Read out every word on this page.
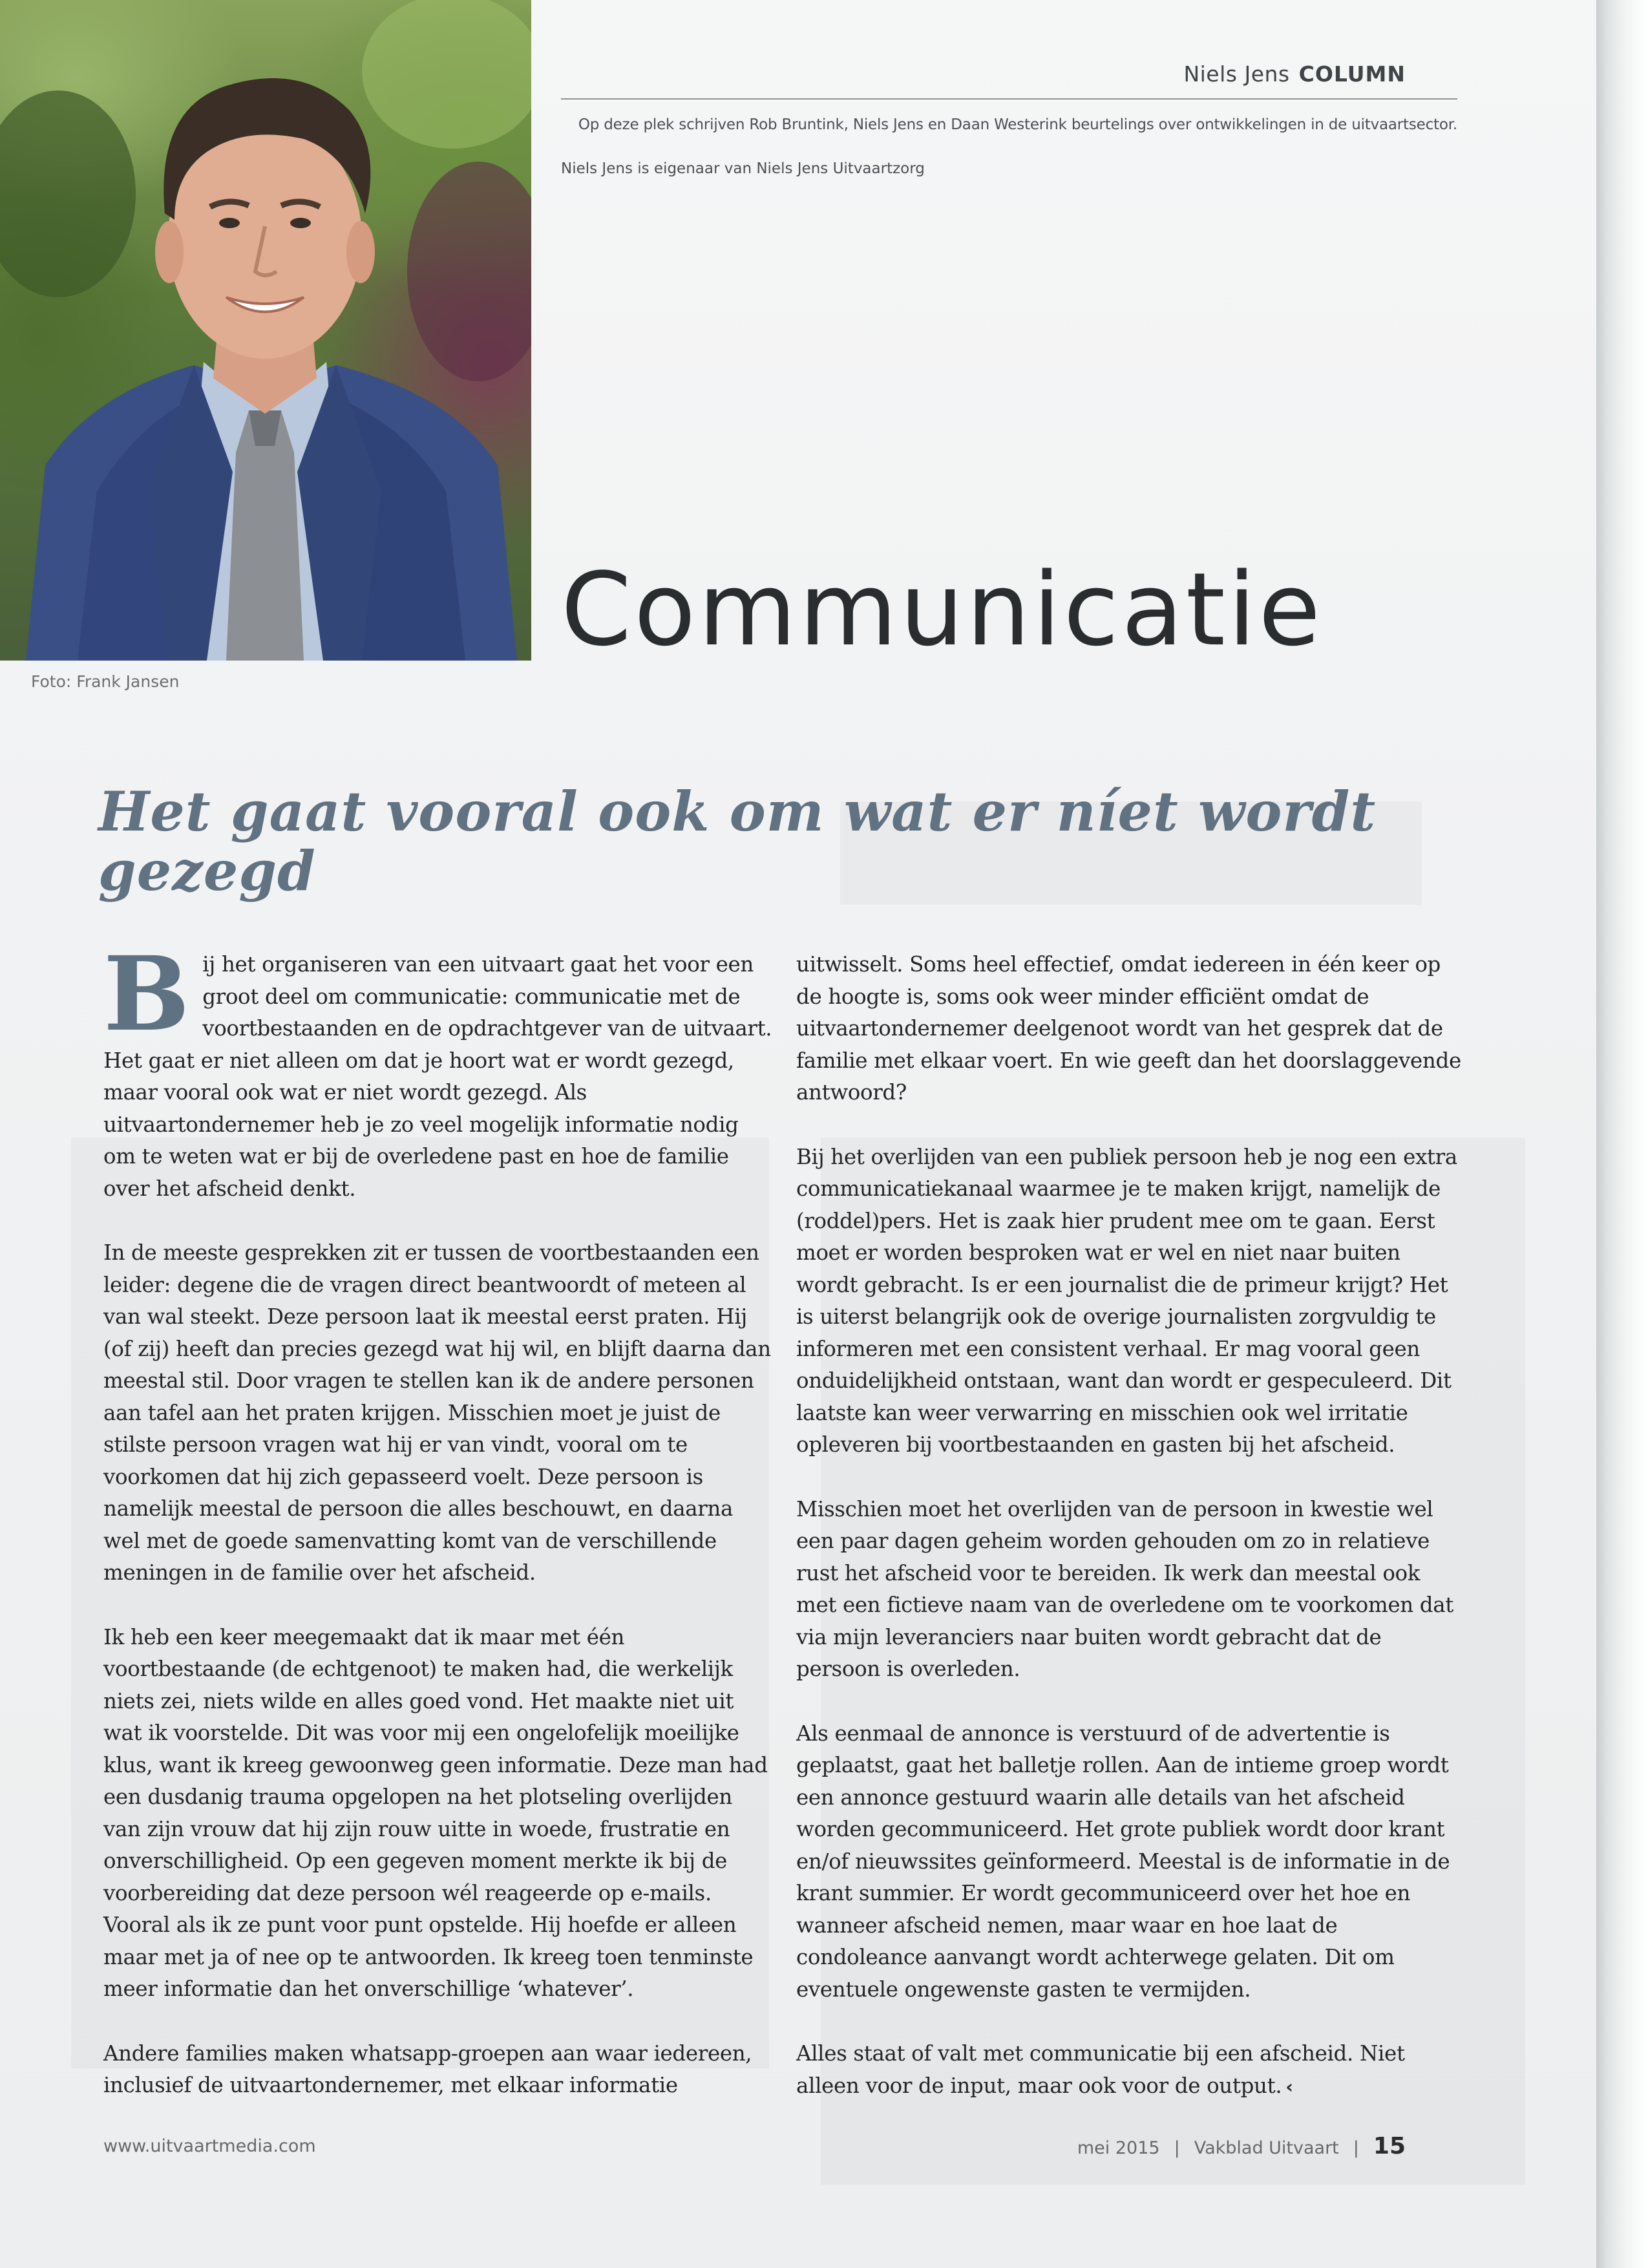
Foto: Frank Jansen
Niels Jens COLUMN
Op deze plek schrijven Rob Bruntink, Niels Jens en Daan Westerink beurtelings over ontwikkelingen in de uitvaartsector.
Niels Jens is eigenaar van Niels Jens Uitvaartzorg
Communicatie
Het gaat vooral ook om wat er níet wordt gezegd

Bij het organiseren van een uitvaart gaat het voor een groot deel om communicatie: communicatie met de voortbestaanden en de opdrachtgever van de uitvaart. Het gaat er niet alleen om dat je hoort wat er wordt gezegd, maar vooral ook wat er niet wordt gezegd. Als uitvaartondernemer heb je zo veel mogelijk informatie nodig om te weten wat er bij de overledene past en hoe de familie over het afscheid denkt.

In de meeste gesprekken zit er tussen de voortbestaanden een leider: degene die de vragen direct beantwoordt of meteen al van wal steekt. Deze persoon laat ik meestal eerst praten. Hij (of zij) heeft dan precies gezegd wat hij wil, en blijft daarna dan meestal stil. Door vragen te stellen kan ik de andere personen aan tafel aan het praten krijgen. Misschien moet je juist de stilste persoon vragen wat hij er van vindt, vooral om te voorkomen dat hij zich gepasseerd voelt. Deze persoon is namelijk meestal de persoon die alles beschouwt, en daarna wel met de goede samenvatting komt van de verschillende meningen in de familie over het afscheid.

Ik heb een keer meegemaakt dat ik maar met één voortbestaande (de echtgenoot) te maken had, die werkelijk niets zei, niets wilde en alles goed vond. Het maakte niet uit wat ik voorstelde. Dit was voor mij een ongelofelijk moeilijke klus, want ik kreeg gewoonweg geen informatie. Deze man had een dusdanig trauma opgelopen na het plotseling overlijden van zijn vrouw dat hij zijn rouw uitte in woede, frustratie en onverschilligheid. Op een gegeven moment merkte ik bij de voorbereiding dat deze persoon wél reageerde op e-mails. Vooral als ik ze punt voor punt opstelde. Hij hoefde er alleen maar met ja of nee op te antwoorden. Ik kreeg toen tenminste meer informatie dan het onverschillige ‘whatever’.

Andere families maken whatsapp-groepen aan waar iedereen, inclusief de uitvaartondernemer, met elkaar informatie

uitwisselt. Soms heel effectief, omdat iedereen in één keer op de hoogte is, soms ook weer minder efficiënt omdat de uitvaartondernemer deelgenoot wordt van het gesprek dat de familie met elkaar voert. En wie geeft dan het doorslaggevende antwoord?

Bij het overlijden van een publiek persoon heb je nog een extra communicatiekanaal waarmee je te maken krijgt, namelijk de (roddel)pers. Het is zaak hier prudent mee om te gaan. Eerst moet er worden besproken wat er wel en niet naar buiten wordt gebracht. Is er een journalist die de primeur krijgt? Het is uiterst belangrijk ook de overige journalisten zorgvuldig te informeren met een consistent verhaal. Er mag vooral geen onduidelijkheid ontstaan, want dan wordt er gespeculeerd. Dit laatste kan weer verwarring en misschien ook wel irritatie opleveren bij voortbestaanden en gasten bij het afscheid.

Misschien moet het overlijden van de persoon in kwestie wel een paar dagen geheim worden gehouden om zo in relatieve rust het afscheid voor te bereiden. Ik werk dan meestal ook met een fictieve naam van de overledene om te voorkomen dat via mijn leveranciers naar buiten wordt gebracht dat de persoon is overleden.

Als eenmaal de annonce is verstuurd of de advertentie is geplaatst, gaat het balletje rollen. Aan de intieme groep wordt een annonce gestuurd waarin alle details van het afscheid worden gecommuniceerd. Het grote publiek wordt door krant en/of nieuwssites geïnformeerd. Meestal is de informatie in de krant summier. Er wordt gecommuniceerd over het hoe en wanneer afscheid nemen, maar waar en hoe laat de condoleance aanvangt wordt achterwege gelaten. Dit om eventuele ongewenste gasten te vermijden.

Alles staat of valt met communicatie bij een afscheid. Niet alleen voor de input, maar ook voor de output. ‹

www.uitvaartmedia.com	mei 2015 | Vakblad Uitvaart | 15
